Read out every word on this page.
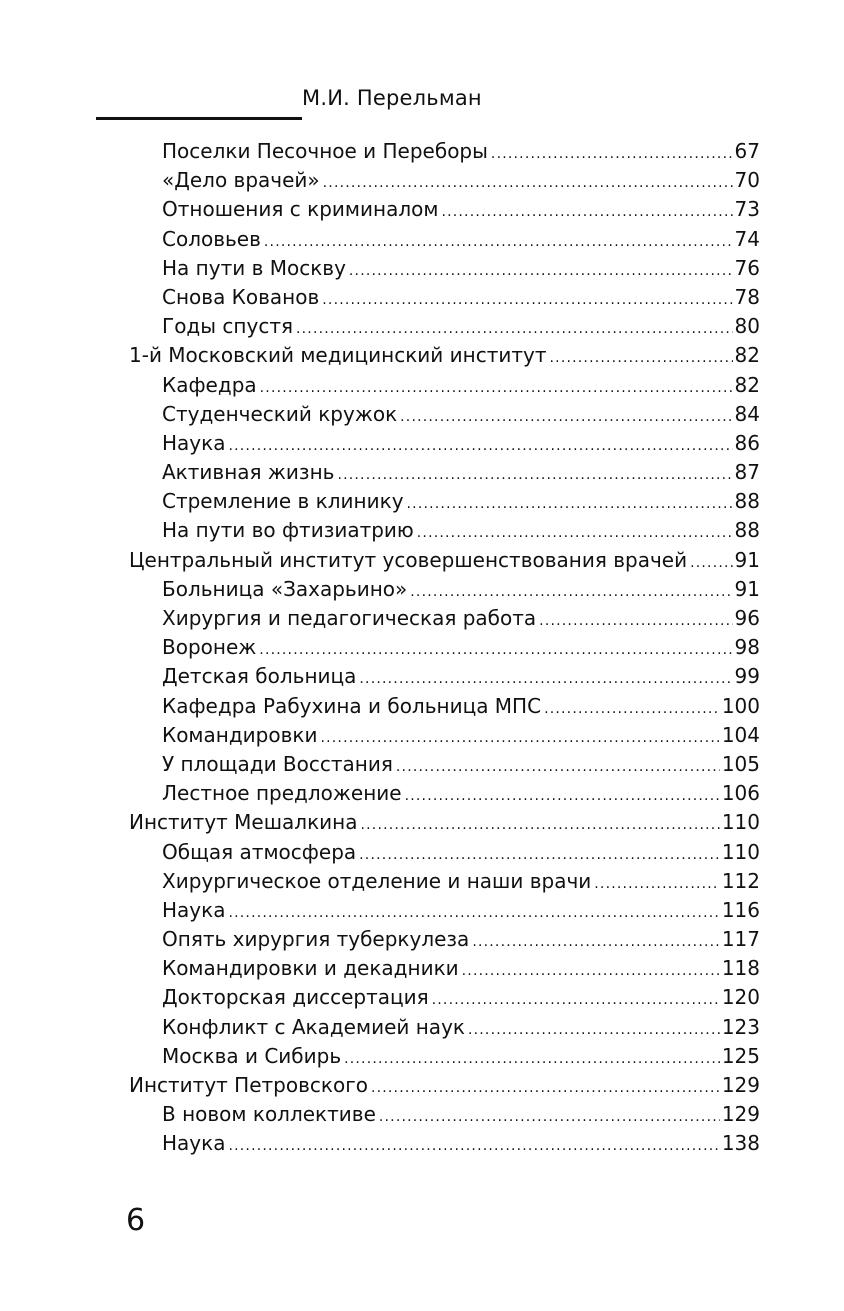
М.И. Перельман
Поселки Песочное и Переборы .....	67
«Дело врачей» .....	70
Отношения с криминалом .....	73
Соловьев .....	74
На пути в Москву .....	76
Снова Кованов .....	78
Годы спустя .....	80
1-й Московский медицинский институт .....	82
Кафедра .....	82
Студенческий кружок .....	84
Наука .....	86
Активная жизнь .....	87
Стремление в клинику .....	88
На пути во фтизиатрию .....	88
Центральный институт усовершенствования врачей ..... 91
Больница «Захарьино» .....	91
Хирургия и педагогическая работа .....	96
Воронеж .....	98
Детская больница .....	99
Кафедра Рабухина и больница МПС .....	100
Командировки .....	104
У площади Восстания .....	105
Лестное предложение .....	106
Институт Мешалкина .....	110
Общая атмосфера .....	110
Хирургическое отделение и наши врачи .....	112
Наука .....	116
Опять хирургия туберкулеза .....	117
Командировки и декадники .....	118
Докторская диссертация .....	120
Конфликт с Академией наук .....	123
Москва и Сибирь .....	125
Институт Петровского .....	129
В новом коллективе .....	129
Наука .....	138
6
